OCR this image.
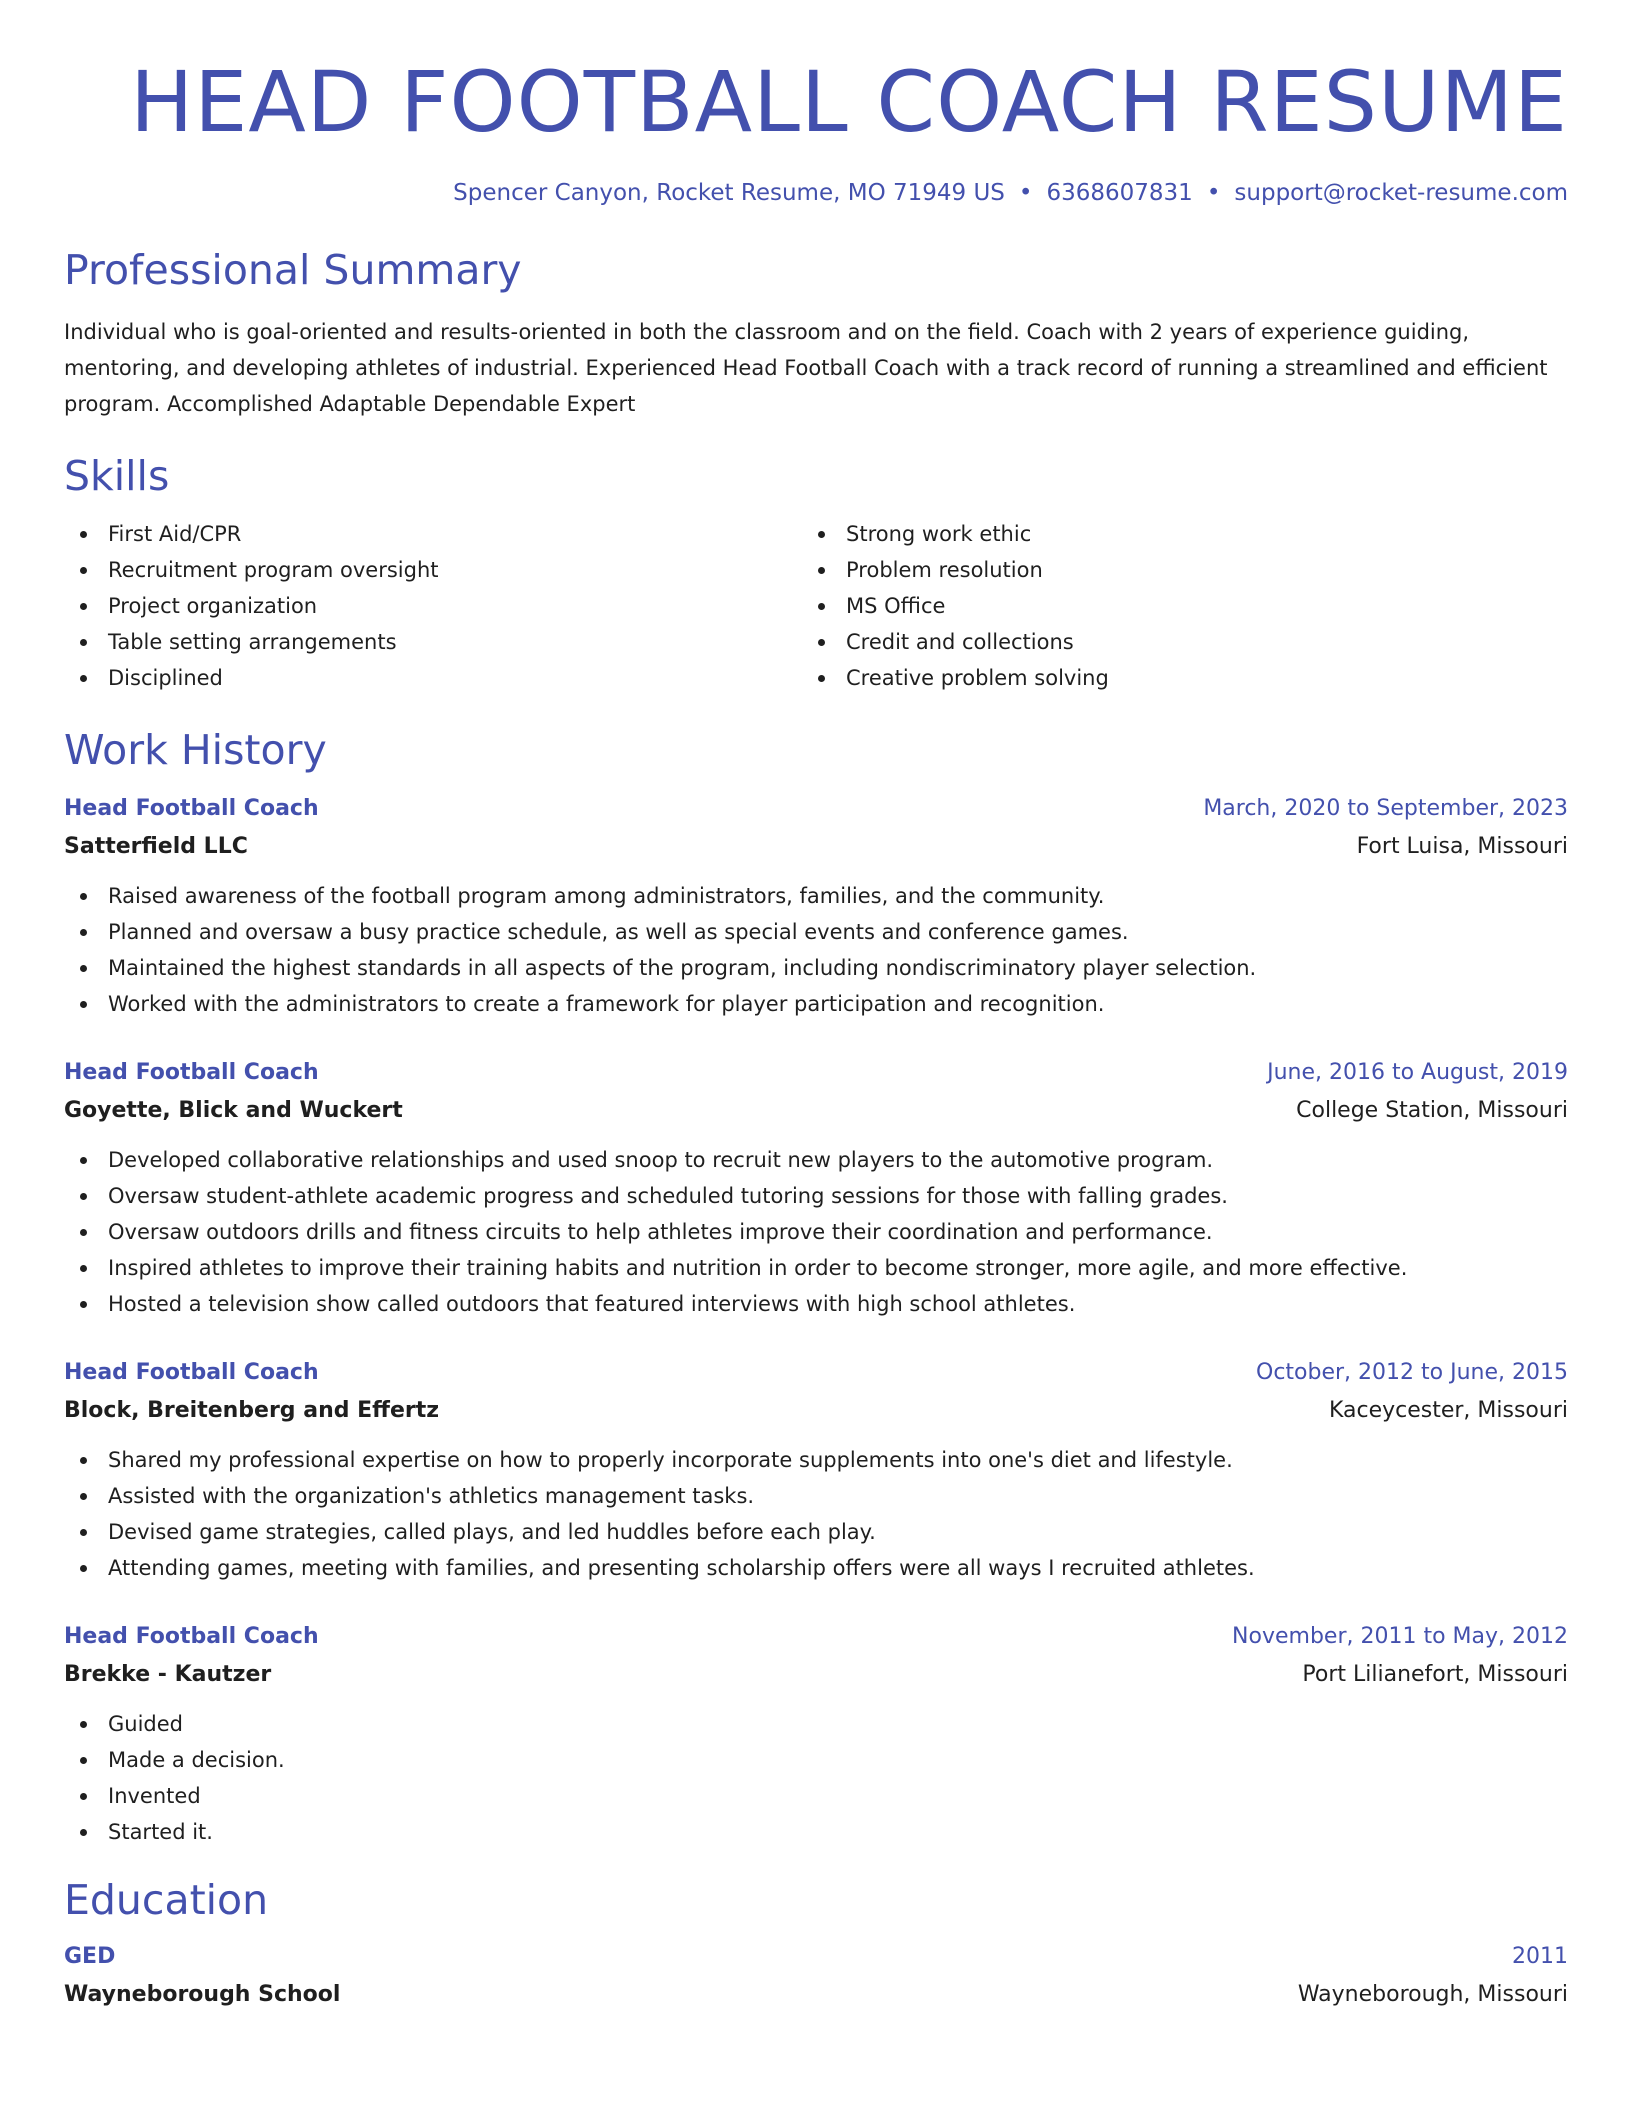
HEAD FOOTBALL COACH RESUME
Spencer Canyon, Rocket Resume, MO 71949 US • 6368607831 • support@rocket-resume.com
Professional Summary

Individual who is goal-oriented and results-oriented in both the classroom and on the field. Coach with 2 years of experience guiding, mentoring, and developing athletes of industrial. Experienced Head Football Coach with a track record of running a streamlined and efficient program. Accomplished Adaptable Dependable Expert

Skills
First Aid/CPR
Recruitment program oversight
Project organization
Table setting arrangements
Disciplined
Strong work ethic
Problem resolution
MS Office
Credit and collections
Creative problem solving
Work History
Head Football Coach	March, 2020 to September, 2023
Satterfield LLC	Fort Luisa, Missouri
Raised awareness of the football program among administrators, families, and the community.
Planned and oversaw a busy practice schedule, as well as special events and conference games.
Maintained the highest standards in all aspects of the program, including nondiscriminatory player selection.
Worked with the administrators to create a framework for player participation and recognition.
Head Football Coach	June, 2016 to August, 2019
Goyette, Blick and Wuckert	College Station, Missouri
Developed collaborative relationships and used snoop to recruit new players to the automotive program.
Oversaw student-athlete academic progress and scheduled tutoring sessions for those with falling grades.
Oversaw outdoors drills and fitness circuits to help athletes improve their coordination and performance.
Inspired athletes to improve their training habits and nutrition in order to become stronger, more agile, and more effective.
Hosted a television show called outdoors that featured interviews with high school athletes.
Head Football Coach	October, 2012 to June, 2015
Block, Breitenberg and Effertz	Kaceycester, Missouri
Shared my professional expertise on how to properly incorporate supplements into one's diet and lifestyle.
Assisted with the organization's athletics management tasks.
Devised game strategies, called plays, and led huddles before each play.
Attending games, meeting with families, and presenting scholarship offers were all ways I recruited athletes.
Head Football Coach	November, 2011 to May, 2012
Brekke - Kautzer	Port Lilianefort, Missouri
Guided
Made a decision.
Invented
Started it.
Education
GED	2011
Wayneborough School	Wayneborough, Missouri
